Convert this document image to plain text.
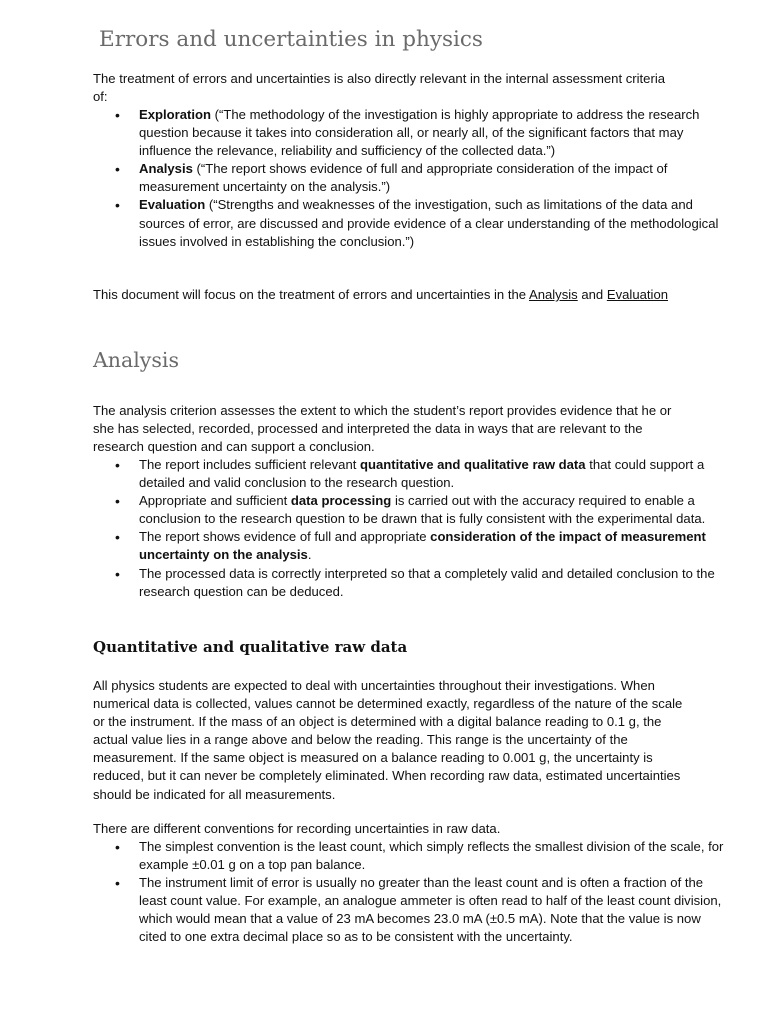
Errors and uncertainties in physics

The treatment of errors and uncertainties is also directly relevant in the internal assessment criteria of:

• Exploration (“The methodology of the investigation is highly appropriate to address the research question because it takes into consideration all, or nearly all, of the significant factors that may influence the relevance, reliability and sufficiency of the collected data.”)
• Analysis (“The report shows evidence of full and appropriate consideration of the impact of measurement uncertainty on the analysis.”)
• Evaluation (“Strengths and weaknesses of the investigation, such as limitations of the data and sources of error, are discussed and provide evidence of a clear understanding of the methodological issues involved in establishing the conclusion.”)

This document will focus on the treatment of errors and uncertainties in the Analysis and Evaluation

Analysis

The analysis criterion assesses the extent to which the student’s report provides evidence that he or she has selected, recorded, processed and interpreted the data in ways that are relevant to the research question and can support a conclusion.

• The report includes sufficient relevant quantitative and qualitative raw data that could support a detailed and valid conclusion to the research question.
• Appropriate and sufficient data processing is carried out with the accuracy required to enable a conclusion to the research question to be drawn that is fully consistent with the experimental data.
• The report shows evidence of full and appropriate consideration of the impact of measurement uncertainty on the analysis.
• The processed data is correctly interpreted so that a completely valid and detailed conclusion to the research question can be deduced.
Quantitative and qualitative raw data

All physics students are expected to deal with uncertainties throughout their investigations. When numerical data is collected, values cannot be determined exactly, regardless of the nature of the scale or the instrument. If the mass of an object is determined with a digital balance reading to 0.1 g, the actual value lies in a range above and below the reading. This range is the uncertainty of the measurement. If the same object is measured on a balance reading to 0.001 g, the uncertainty is reduced, but it can never be completely eliminated. When recording raw data, estimated uncertainties should be indicated for all measurements.

There are different conventions for recording uncertainties in raw data.

• The simplest convention is the least count, which simply reflects the smallest division of the scale, for example ±0.01 g on a top pan balance.
• The instrument limit of error is usually no greater than the least count and is often a fraction of the least count value. For example, an analogue ammeter is often read to half of the least count division, which would mean that a value of 23 mA becomes 23.0 mA (±0.5 mA). Note that the value is now cited to one extra decimal place so as to be consistent with the uncertainty.
